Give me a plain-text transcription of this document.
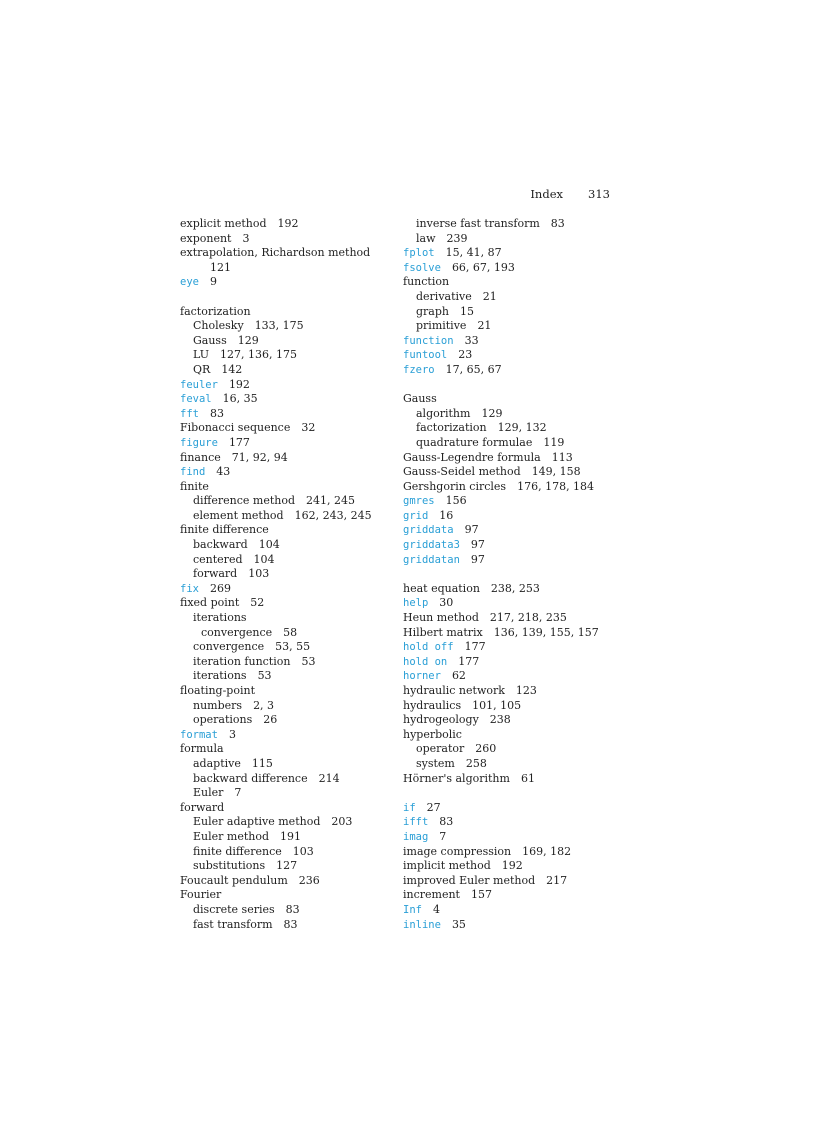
Index 313
explicit method 192
exponent 3
extrapolation, Richardson method
121
eye 9
factorization
Cholesky 133, 175
Gauss 129
LU 127, 136, 175
QR 142
feuler 192
feval 16, 35
fft 83
Fibonacci sequence 32
figure 177
finance 71, 92, 94
find 43
finite
difference method 241, 245
element method 162, 243, 245
finite difference
backward 104
centered 104
forward 103
fix 269
fixed point 52
iterations
convergence 58
convergence 53, 55
iteration function 53
iterations 53
floating-point
numbers 2, 3
operations 26
format 3
formula
adaptive 115
backward difference 214
Euler 7
forward
Euler adaptive method 203
Euler method 191
finite difference 103
substitutions 127
Foucault pendulum 236
Fourier
discrete series 83
fast transform 83
inverse fast transform 83
law 239
fplot 15, 41, 87
fsolve 66, 67, 193
function
derivative 21
graph 15
primitive 21
function 33
funtool 23
fzero 17, 65, 67
Gauss
algorithm 129
factorization 129, 132
quadrature formulae 119
Gauss-Legendre formula 113
Gauss-Seidel method 149, 158
Gershgorin circles 176, 178, 184
gmres 156
grid 16
griddata 97
griddata3 97
griddatan 97
heat equation 238, 253
help 30
Heun method 217, 218, 235
Hilbert matrix 136, 139, 155, 157
hold off 177
hold on 177
horner 62
hydraulic network 123
hydraulics 101, 105
hydrogeology 238
hyperbolic
operator 260
system 258
Hörner's algorithm 61
if 27
ifft 83
imag 7
image compression 169, 182
implicit method 192
improved Euler method 217
increment 157
Inf 4
inline 35
